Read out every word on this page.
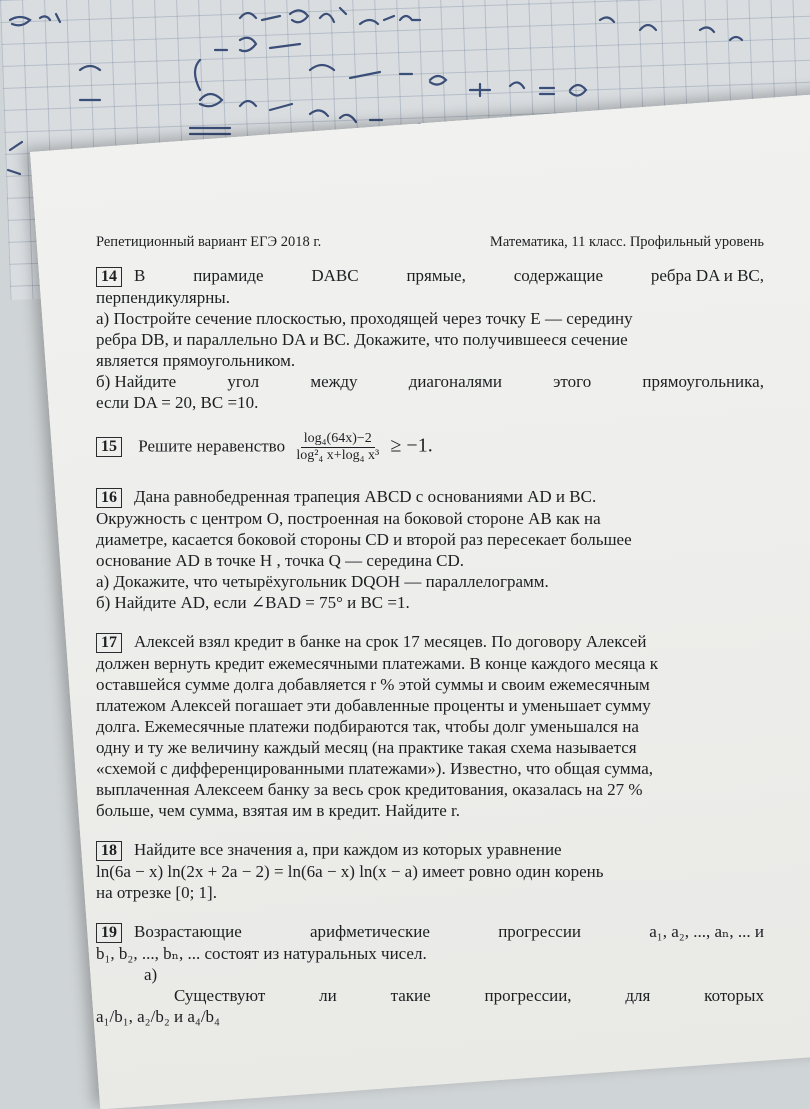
Репетиционный вариант ЕГЭ 2018 г.	Математика, 11 класс. Профильный уровень
14 В	пирамиде	DABC	прямые,	содержащие	ребра DA и BC,
перпендикулярны.
а) Постройте сечение плоскостью, проходящей через точку E — середину
ребра DB, и параллельно DA и BC. Докажите, что получившееся сечение
является прямоугольником.
б) Найдите	угол	между	диагоналями	этого	прямоугольника,
если DA = 20, BC =10.
15 Решите неравенство $\frac{\text{log₄(64x)−2}}{\text{log²₄ x+log₄ x³}} \ge -1$.
16 Дана равнобедренная трапеция ABCD с основаниями AD и BC.
Окружность с центром O, построенная на боковой стороне AB как на
диаметре, касается боковой стороны CD и второй раз пересекает большее
основание AD в точке H , точка Q — середина CD.
а) Докажите, что четырёхугольник DQOH — параллелограмм.
б) Найдите AD, если ∠BAD = 75° и BC =1.
17 Алексей взял кредит в банке на срок 17 месяцев. По договору Алексей
должен вернуть кредит ежемесячными платежами. В конце каждого месяца к
оставшейся сумме долга добавляется r % этой суммы и своим ежемесячным
платежом Алексей погашает эти добавленные проценты и уменьшает сумму
долга. Ежемесячные платежи подбираются так, чтобы долг уменьшался на
одну и ту же величину каждый месяц (на практике такая схема называется
«схемой с дифференцированными платежами»). Известно, что общая сумма,
выплаченная Алексеем банку за весь срок кредитования, оказалась на 27 %
больше, чем сумма, взятая им в кредит. Найдите r.
18 Найдите все значения a, при каждом из которых уравнение
ln(6a − x) ln(2x + 2a − 2) = ln(6a − x) ln(x − a) имеет ровно один корень
на отрезке [0; 1].
19 Возрастающие	арифметические	прогрессии	a₁, a₂, ..., aₙ, ... и
b₁, b₂, ..., bₙ, ... состоят из натуральных чисел.
а)
Существуют	ли	такие	прогрессии,	для	которых
a₁/b₁, a₂/b₂ и a₄/b₄
